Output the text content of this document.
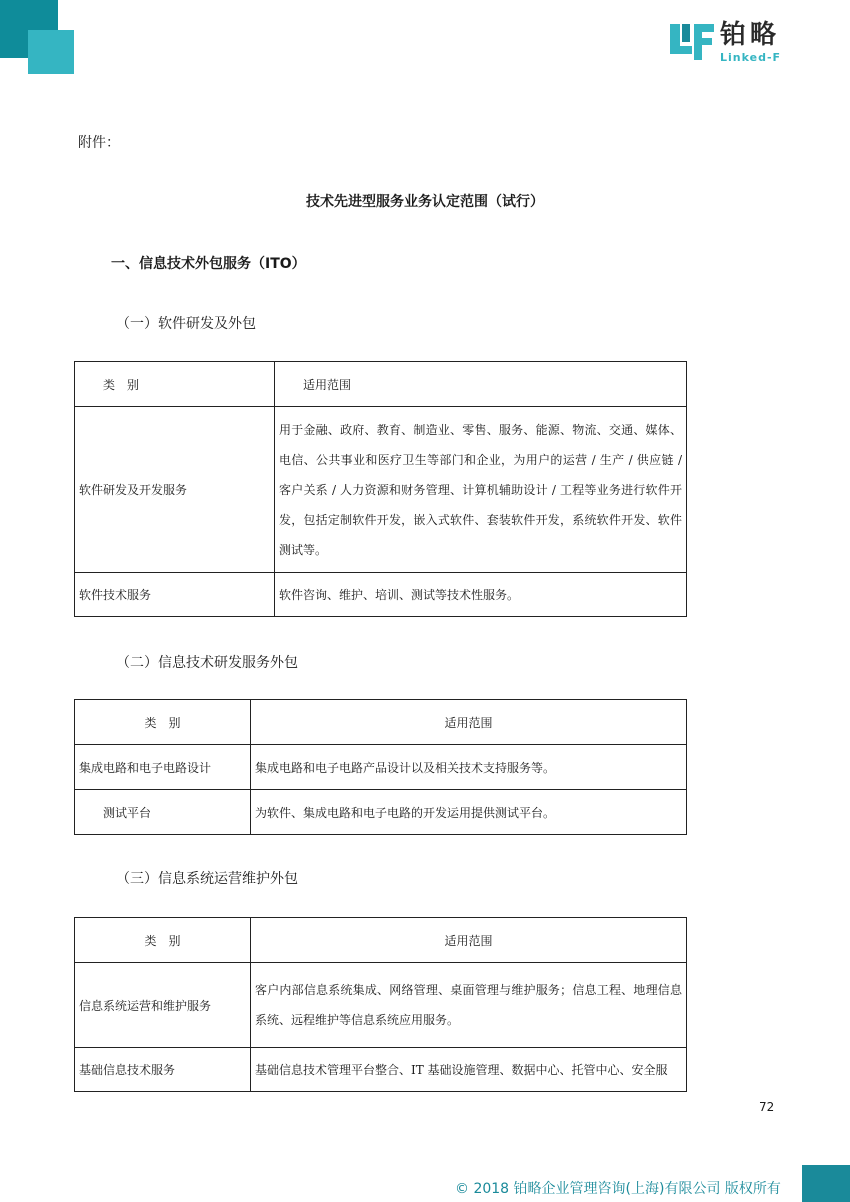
铂略
Linked-F
附件：
技术先进型服务业务认定范围（试行）
一、信息技术外包服务（ITO）
（一）软件研发及外包
类　别	适用范围
软件研发及开发服务	用于金融、政府、教育、制造业、零售、服务、能源、物流、交通、媒体、电信、公共事业和医疗卫生等部门和企业，为用户的运营 / 生产 / 供应链 / 客户关系 / 人力资源和财务管理、计算机辅助设计 / 工程等业务进行软件开发，包括定制软件开发，嵌入式软件、套装软件开发，系统软件开发、软件测试等。

软件技术服务	软件咨询、维护、培训、测试等技术性服务。
（二）信息技术研发服务外包
类　别	适用范围
集成电路和电子电路设计	集成电路和电子电路产品设计以及相关技术支持服务等。
测试平台	为软件、集成电路和电子电路的开发运用提供测试平台。
（三）信息系统运营维护外包
类　别	适用范围
信息系统运营和维护服务	客户内部信息系统集成、网络管理、桌面管理与维护服务；信息工程、地理信息系统、远程维护等信息系统应用服务。

基础信息技术服务	基础信息技术管理平台整合、IT 基础设施管理、数据中心、托管中心、安全服
72
© 2018 铂略企业管理咨询(上海)有限公司 版权所有
